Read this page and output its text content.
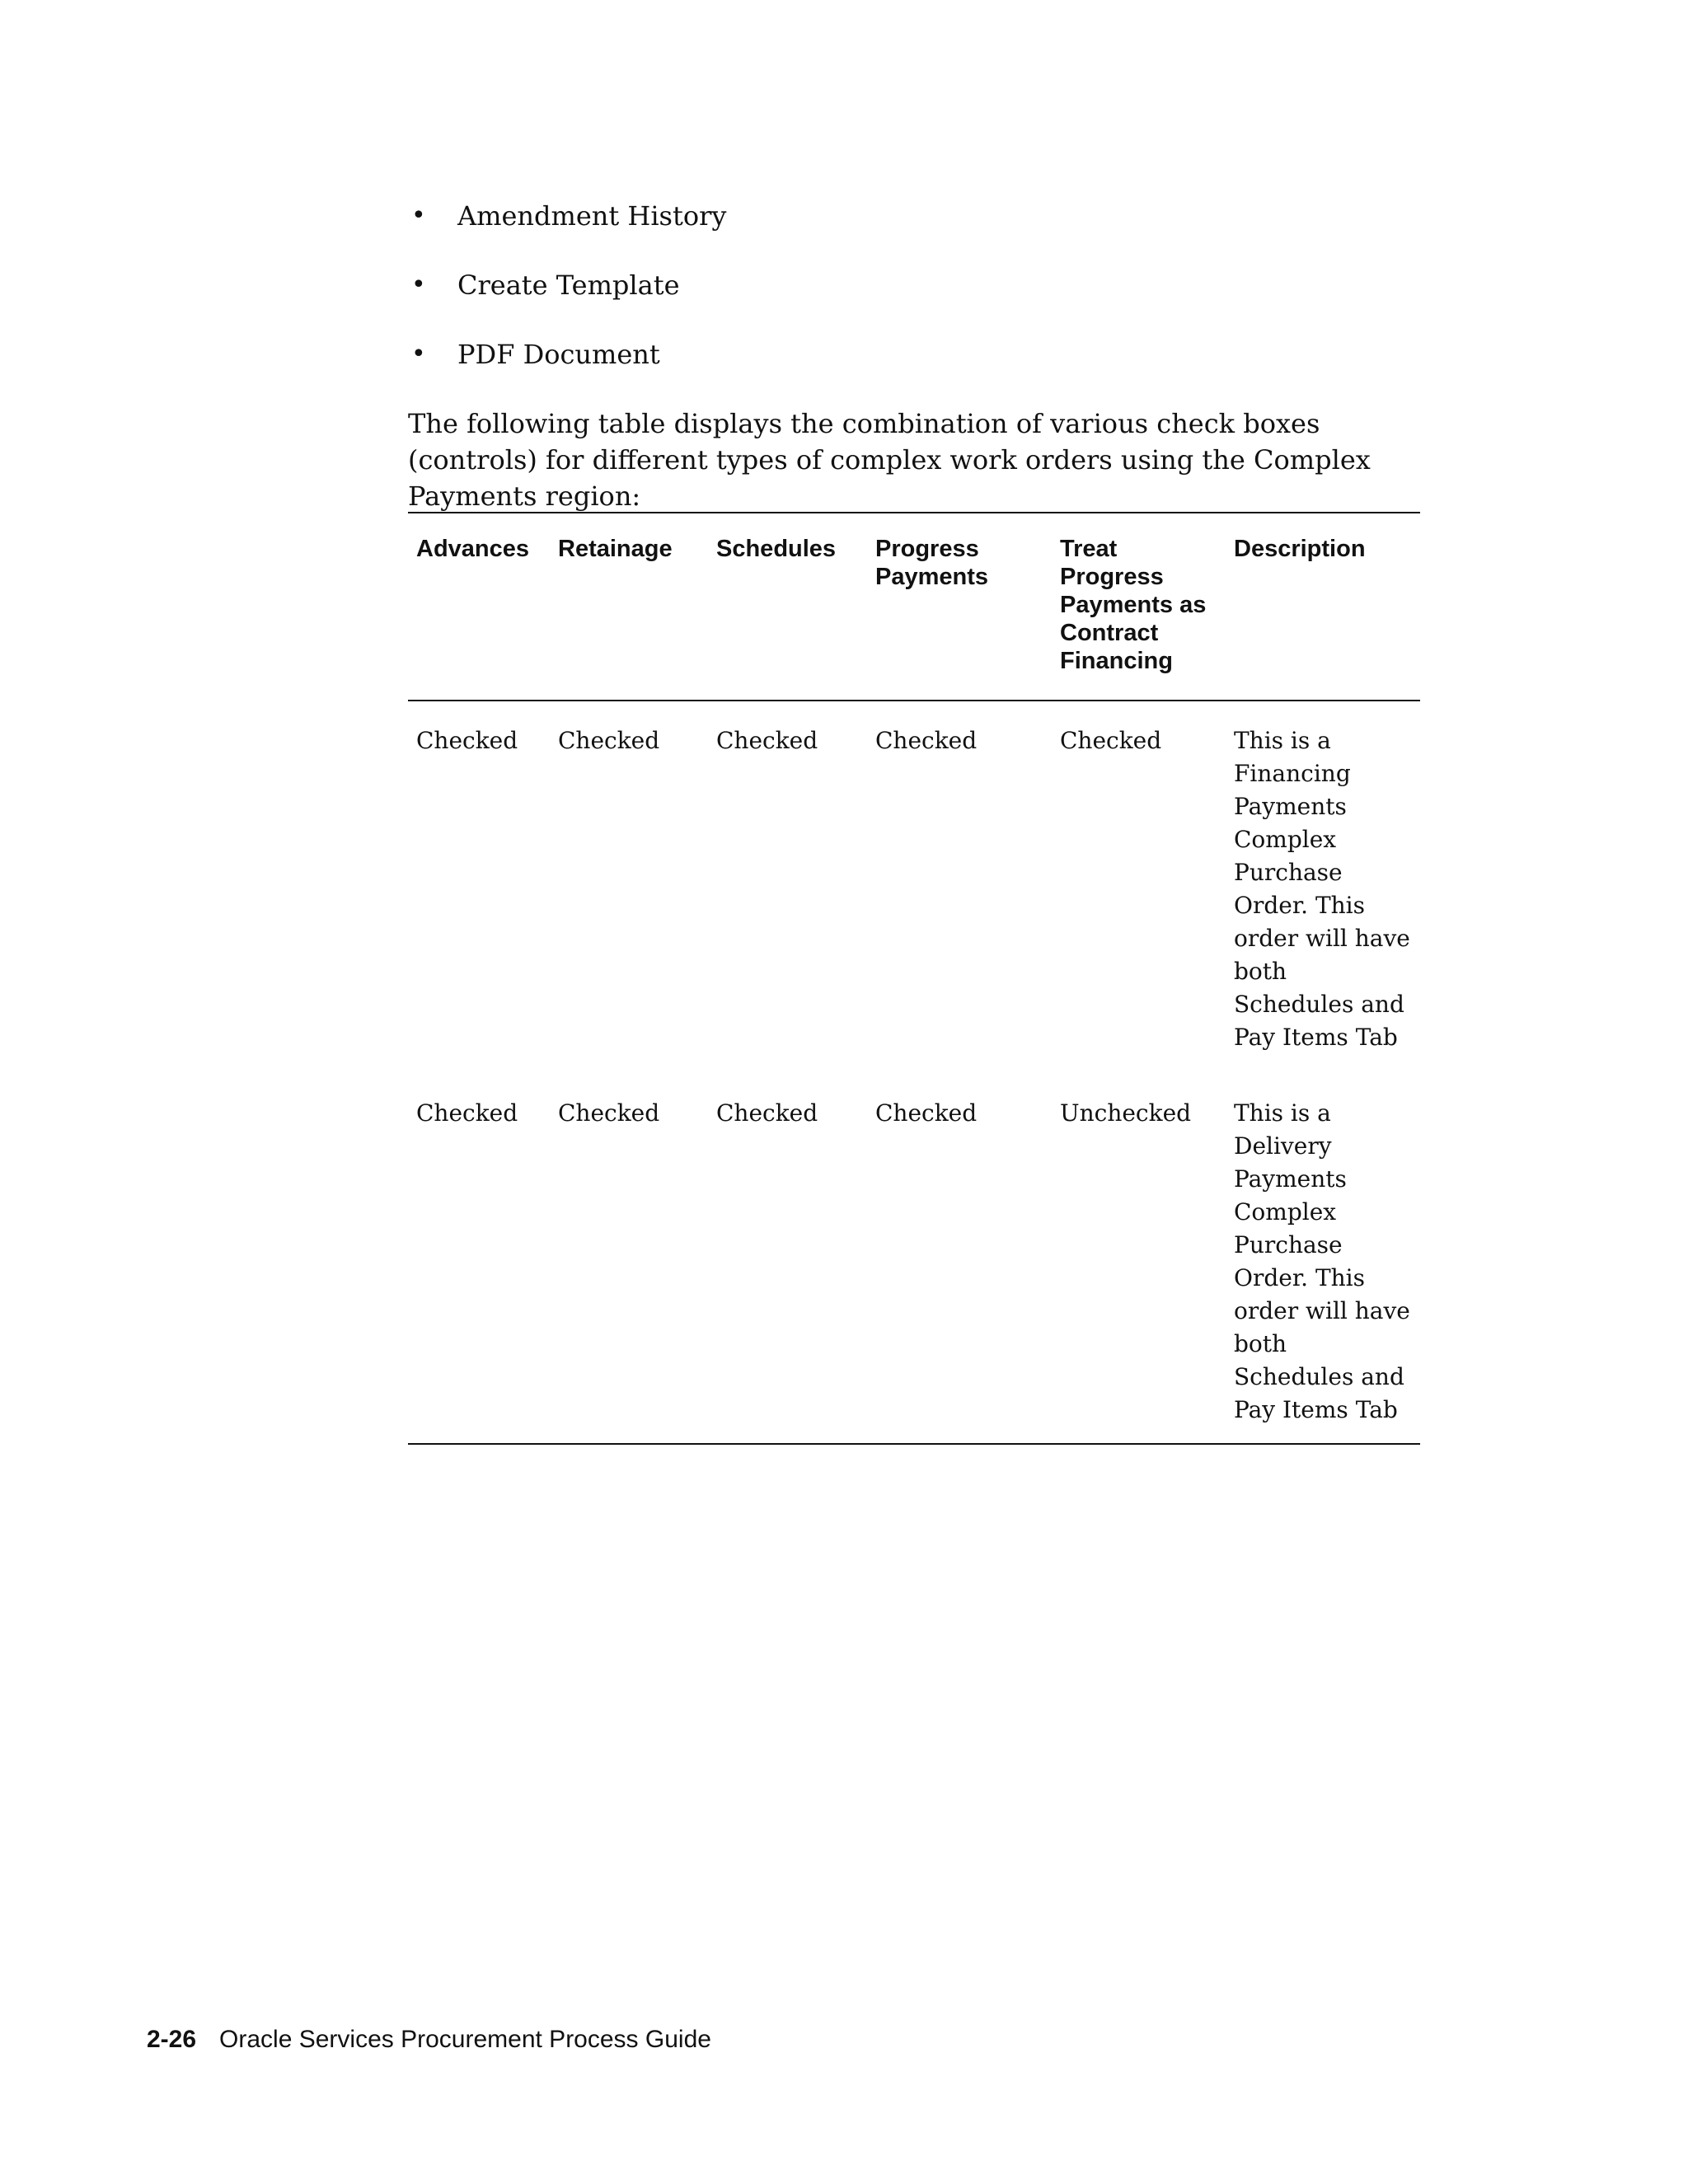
• Amendment History
• Create Template
• PDF Document

The following table displays the combination of various check boxes (controls) for different types of complex work orders using the Complex Payments region:

Advances	Retainage	Schedules	Progress Payments	Treat Progress Payments as Contract Financing	Description
Checked	Checked	Checked	Checked	Checked	This is a Financing Payments Complex Purchase Order. This order will have both Schedules and Pay Items Tab
Checked	Checked	Checked	Checked	Unchecked	This is a Delivery Payments Complex Purchase Order. This order will have both Schedules and Pay Items Tab
2-26 Oracle Services Procurement Process Guide
